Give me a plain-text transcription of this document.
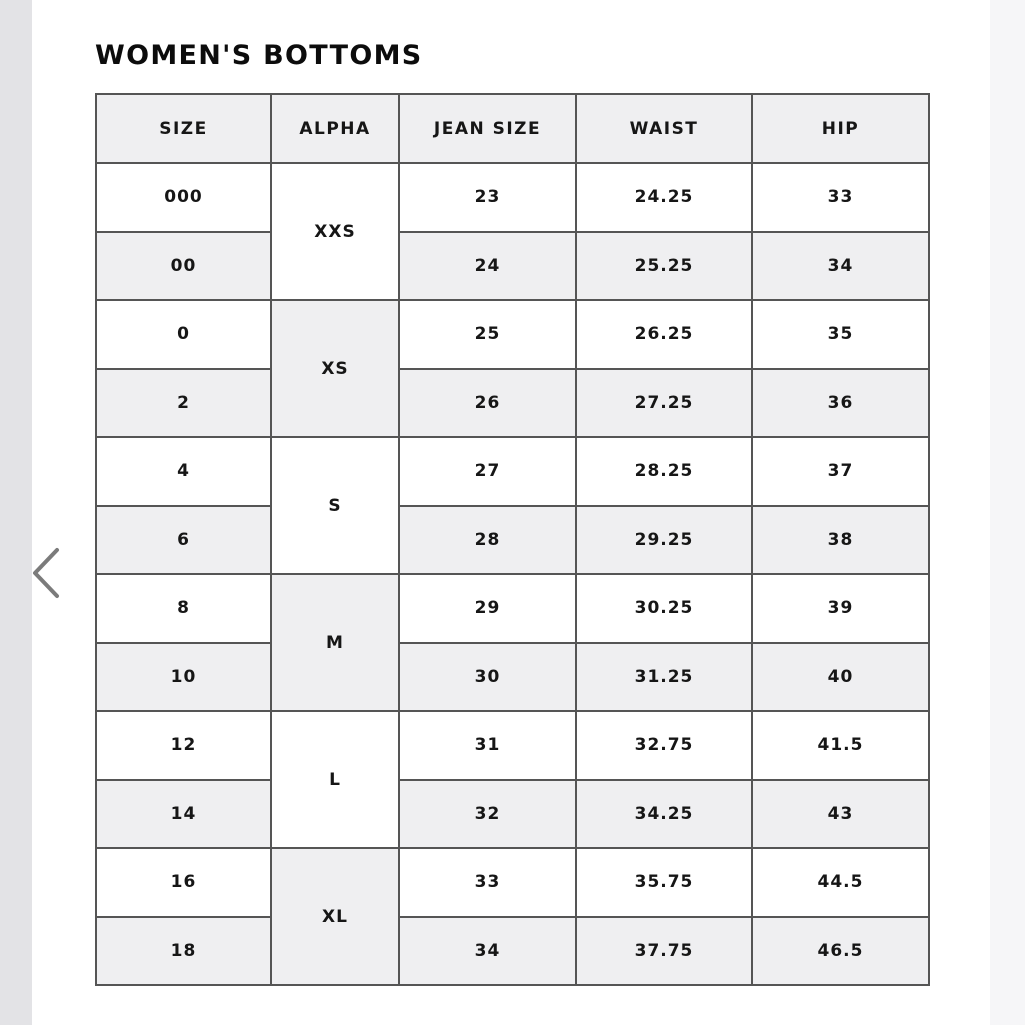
WOMEN'S BOTTOMS
SIZE	ALPHA	JEAN SIZE	WAIST	HIP
000	XXS	23	24.25	33
00		24	25.25	34
0	XS	25	26.25	35
2		26	27.25	36
4	S	27	28.25	37
6		28	29.25	38
8	M	29	30.25	39
10		30	31.25	40
12	L	31	32.75	41.5
14		32	34.25	43
16	XL	33	35.75	44.5
18		34	37.75	46.5
